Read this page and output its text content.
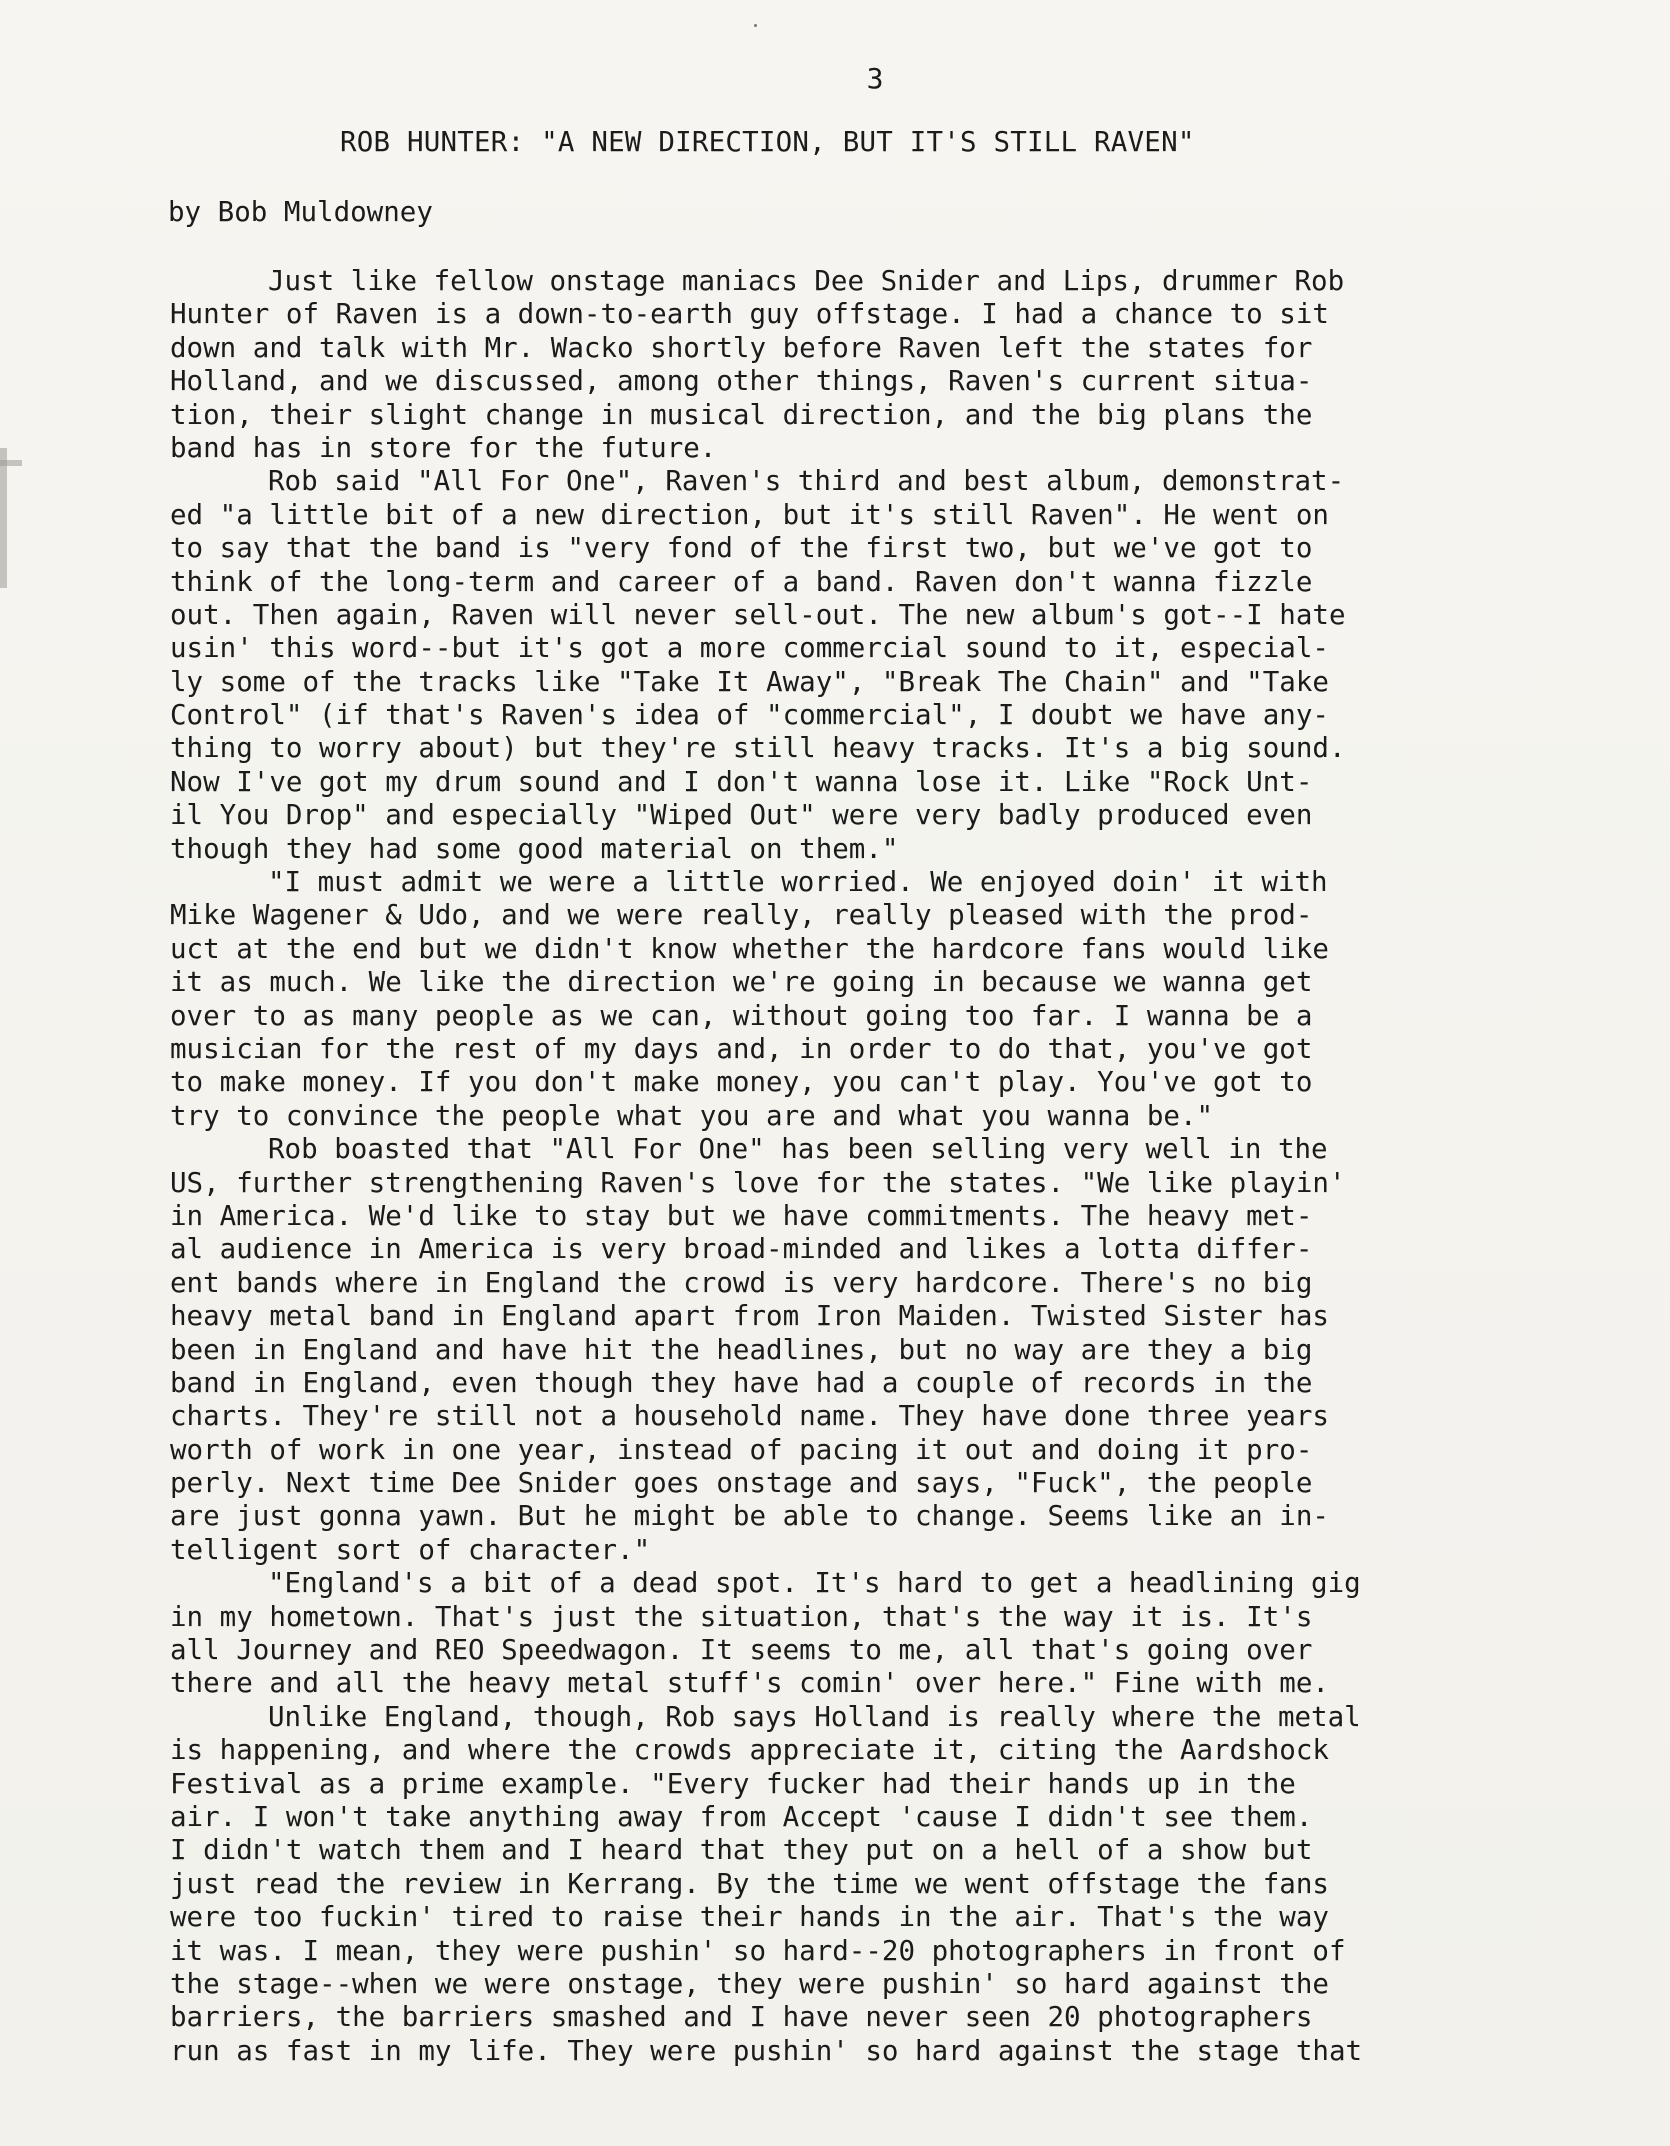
3
ROB HUNTER: "A NEW DIRECTION, BUT IT'S STILL RAVEN"
by Bob Muldowney
Just like fellow onstage maniacs Dee Snider and Lips, drummer Rob
Hunter of Raven is a down-to-earth guy offstage. I had a chance to sit
down and talk with Mr. Wacko shortly before Raven left the states for
Holland, and we discussed, among other things, Raven's current situa-
tion, their slight change in musical direction, and the big plans the
band has in store for the future.
Rob said "All For One", Raven's third and best album, demonstrat-
ed "a little bit of a new direction, but it's still Raven". He went on
to say that the band is "very fond of the first two, but we've got to
think of the long-term and career of a band. Raven don't wanna fizzle
out. Then again, Raven will never sell-out. The new album's got--I hate
usin' this word--but it's got a more commercial sound to it, especial-
ly some of the tracks like "Take It Away", "Break The Chain" and "Take
Control" (if that's Raven's idea of "commercial", I doubt we have any-
thing to worry about) but they're still heavy tracks. It's a big sound.
Now I've got my drum sound and I don't wanna lose it. Like "Rock Unt-
il You Drop" and especially "Wiped Out" were very badly produced even
though they had some good material on them."
"I must admit we were a little worried. We enjoyed doin' it with
Mike Wagener & Udo, and we were really, really pleased with the prod-
uct at the end but we didn't know whether the hardcore fans would like
it as much. We like the direction we're going in because we wanna get
over to as many people as we can, without going too far. I wanna be a
musician for the rest of my days and, in order to do that, you've got
to make money. If you don't make money, you can't play. You've got to
try to convince the people what you are and what you wanna be."
Rob boasted that "All For One" has been selling very well in the
US, further strengthening Raven's love for the states. "We like playin'
in America. We'd like to stay but we have commitments. The heavy met-
al audience in America is very broad-minded and likes a lotta differ-
ent bands where in England the crowd is very hardcore. There's no big
heavy metal band in England apart from Iron Maiden. Twisted Sister has
been in England and have hit the headlines, but no way are they a big
band in England, even though they have had a couple of records in the
charts. They're still not a household name. They have done three years
worth of work in one year, instead of pacing it out and doing it pro-
perly. Next time Dee Snider goes onstage and says, "Fuck", the people
are just gonna yawn. But he might be able to change. Seems like an in-
telligent sort of character."
"England's a bit of a dead spot. It's hard to get a headlining gig
in my hometown. That's just the situation, that's the way it is. It's
all Journey and REO Speedwagon. It seems to me, all that's going over
there and all the heavy metal stuff's comin' over here." Fine with me.
Unlike England, though, Rob says Holland is really where the metal
is happening, and where the crowds appreciate it, citing the Aardshock
Festival as a prime example. "Every fucker had their hands up in the
air. I won't take anything away from Accept 'cause I didn't see them.
I didn't watch them and I heard that they put on a hell of a show but
just read the review in Kerrang. By the time we went offstage the fans
were too fuckin' tired to raise their hands in the air. That's the way
it was. I mean, they were pushin' so hard--20 photographers in front of
the stage--when we were onstage, they were pushin' so hard against the
barriers, the barriers smashed and I have never seen 20 photographers
run as fast in my life. They were pushin' so hard against the stage that
